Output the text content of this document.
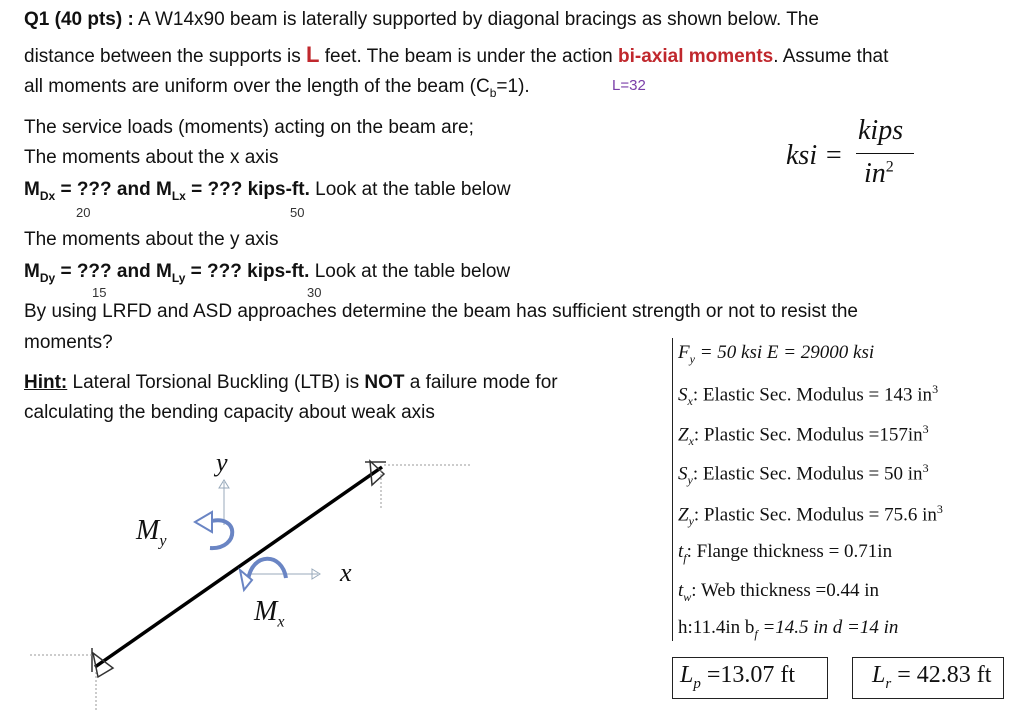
Q1 (40 pts) : A W14x90 beam is laterally supported by diagonal bracings as shown below. The
distance between the supports is L feet. The beam is under the action bi-axial moments. Assume that
all moments are uniform over the length of the beam $(C_b=1)$.	L=32
The service loads (moments) acting on the beam are;
The moments about the x axis
$M_{Dx}$ = ??? and $M_{Lx}$ = ??? kips-ft. Look at the table below
20	50
The moments about the y axis
$M_{Dy}$ = ??? and $M_{Ly}$ = ??? kips-ft. Look at the table below
15	30
By using LRFD and ASD approaches determine the beam has sufficient strength or not to resist the
moments?
Hint: Lateral Torsional Buckling (LTB) is NOT a failure mode for
calculating the bending capacity about weak axis
ksi =
kips
$in^2$
$F_y = 50$ ksi E = 29000 ksi
$S_x$: Elastic Sec. Modulus = 143 $in^3$
$Z_x$: Plastic Sec. Modulus $=157in^3$
$S_y$: Elastic Sec. Modulus = 50 $in^3$
$Z_y$: Plastic Sec. Modulus = 75.6 $in^3$
$t_f$: Flange thickness = 0.71in
$t_w$: Web thickness =0.44 in
h:11.4in $b_f =14.5$ in d =14 in
$L_p =13.07$ ft	$L_r = 42.83$ ft
y
x
$M_y$
$M_x$
